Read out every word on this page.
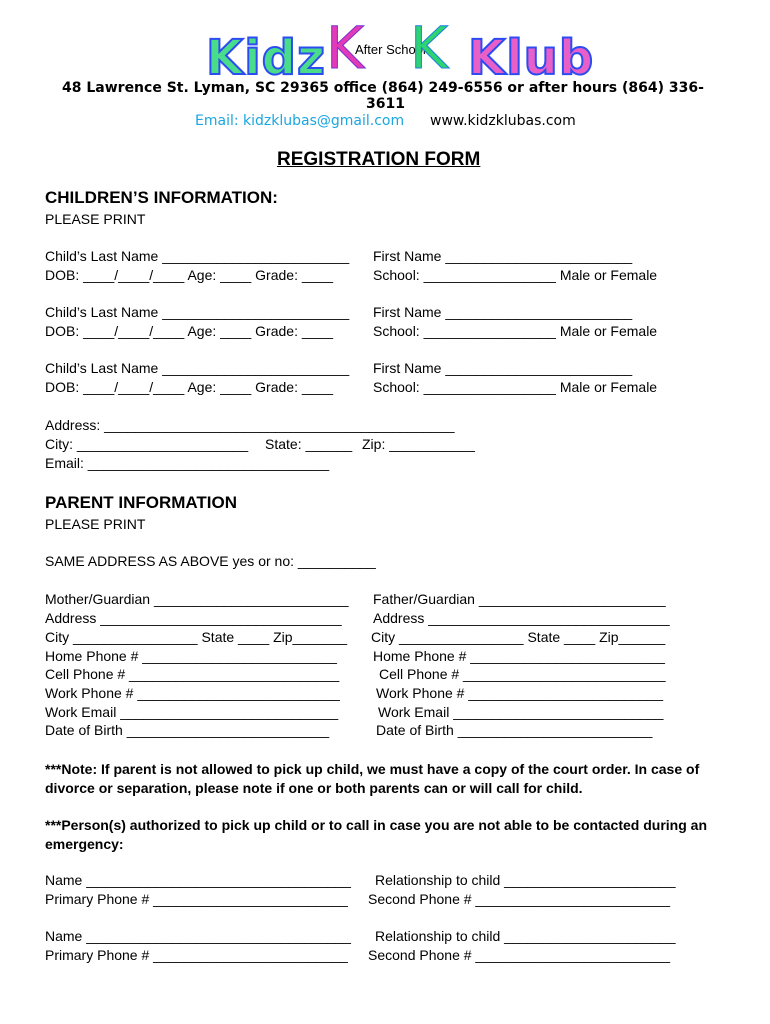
Kidz K
After School
K Klub
48 Lawrence St. Lyman, SC 29365 office (864) 249-6556 or after hours (864) 336-
3611
Email: kidzklubas@gmail.com www.kidzklubas.com
REGISTRATION FORM
CHILDREN’S INFORMATION:
PLEASE PRINT
Child’s Last Name ________________________ First Name ________________________
DOB: ____/____/____ Age: ____ Grade: ____	School: _________________ Male or Female
Child’s Last Name ________________________ First Name ________________________
DOB: ____/____/____ Age: ____ Grade: ____	School: _________________ Male or Female
Child’s Last Name ________________________ First Name ________________________
DOB: ____/____/____ Age: ____ Grade: ____	School: _________________ Male or Female
Address: _____________________________________________
City: ______________________ State: ______ Zip: ___________
Email: _______________________________
PARENT INFORMATION
PLEASE PRINT
SAME ADDRESS AS ABOVE yes or no: __________
Mother/Guardian _________________________
Address _______________________________
City ________________ State ____ Zip_______
Home Phone # _________________________
Cell Phone # ___________________________
Work Phone # __________________________
Work Email ____________________________
Date of Birth __________________________
Father/Guardian ________________________
Address _______________________________
City ________________ State ____ Zip______
Home Phone # _________________________
Cell Phone # __________________________
Work Phone # _________________________
Work Email ___________________________
Date of Birth _________________________
***Note: If parent is not allowed to pick up child, we must have a copy of the court order. In case of divorce or separation, please note if one or both parents can or will call for child.
***Person(s) authorized to pick up child or to call in case you are not able to be contacted during an emergency:
Name __________________________________ Relationship to child ______________________
Primary Phone # _________________________ Second Phone # _________________________
Name __________________________________ Relationship to child ______________________
Primary Phone # _________________________ Second Phone # _________________________
